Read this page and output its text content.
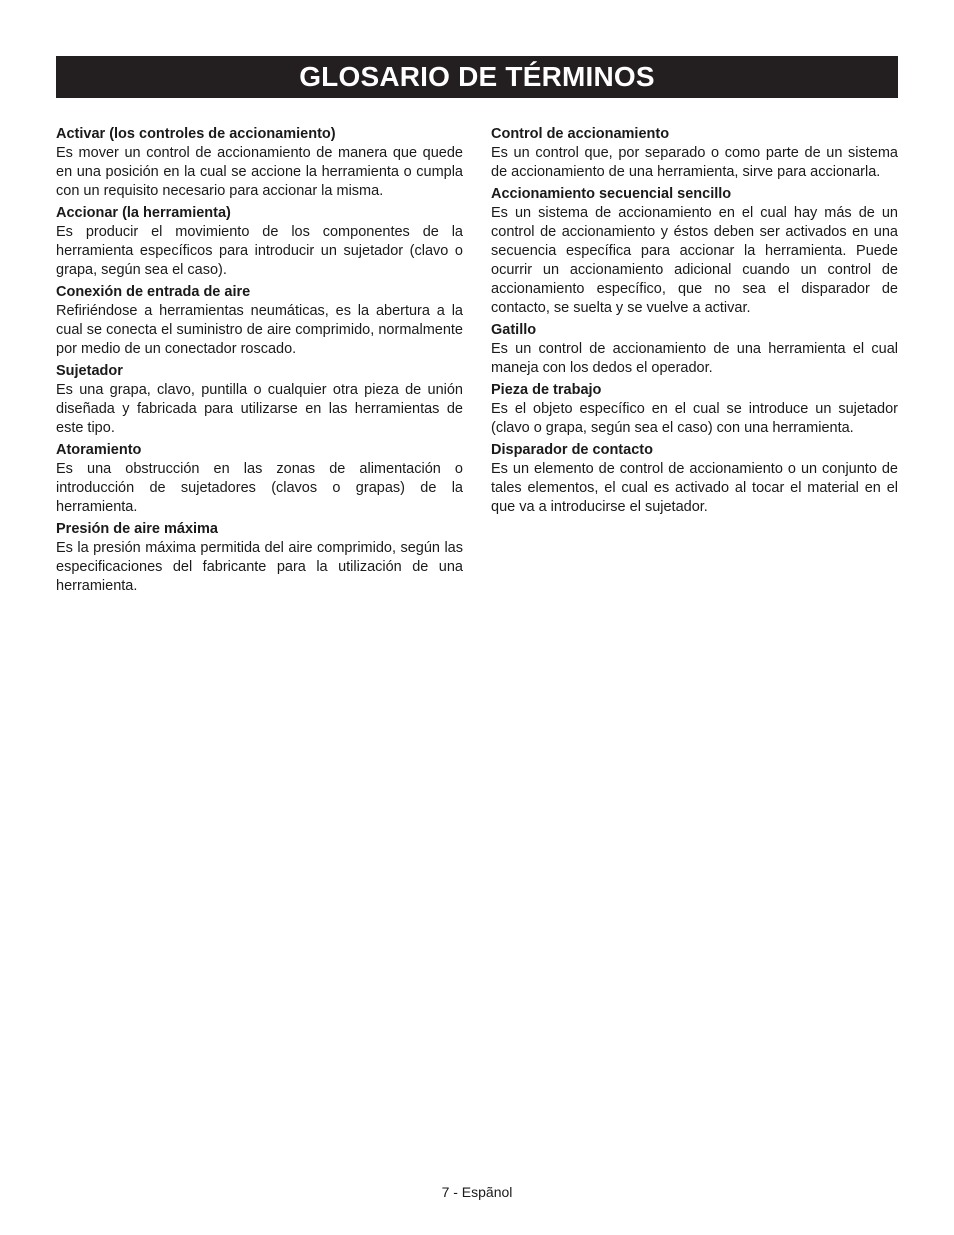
GLOSARIO DE TÉRMINOS

Activar (los controles de accionamiento)

Es mover un control de accionamiento de manera que quede en una posición en la cual se accione la herramienta o cumpla con un requisito necesario para accionar la misma.

Accionar (la herramienta)

Es producir el movimiento de los componentes de la herramienta específicos para introducir un sujetador (clavo o grapa, según sea el caso).

Conexión de entrada de aire

Refiriéndose a herramientas neumáticas, es la abertura a la cual se conecta el suministro de aire comprimido, normalmente por medio de un conectador roscado.

Sujetador

Es una grapa, clavo, puntilla o cualquier otra pieza de unión diseñada y fabricada para utilizarse en las herramientas de este tipo.

Atoramiento

Es una obstrucción en las zonas de alimentación o introducción de sujetadores (clavos o grapas) de la herramienta.

Presión de aire máxima

Es la presión máxima permitida del aire comprimido, según las especificaciones del fabricante para la utilización de una herramienta.

Control de accionamiento

Es un control que, por separado o como parte de un sistema de accionamiento de una herramienta, sirve para accionarla.

Accionamiento secuencial sencillo

Es un sistema de accionamiento en el cual hay más de un control de accionamiento y éstos deben ser activados en una secuencia específica para accionar la herramienta. Puede ocurrir un accionamiento adicional cuando un control de accionamiento específico, que no sea el disparador de contacto, se suelta y se vuelve a activar.

Gatillo

Es un control de accionamiento de una herramienta el cual maneja con los dedos el operador.

Pieza de trabajo

Es el objeto específico en el cual se introduce un sujetador (clavo o grapa, según sea el caso) con una herramienta.

Disparador de contacto

Es un elemento de control de accionamiento o un conjunto de tales elementos, el cual es activado al tocar el material en el que va a introducirse el sujetador.

7 - Espãnol
